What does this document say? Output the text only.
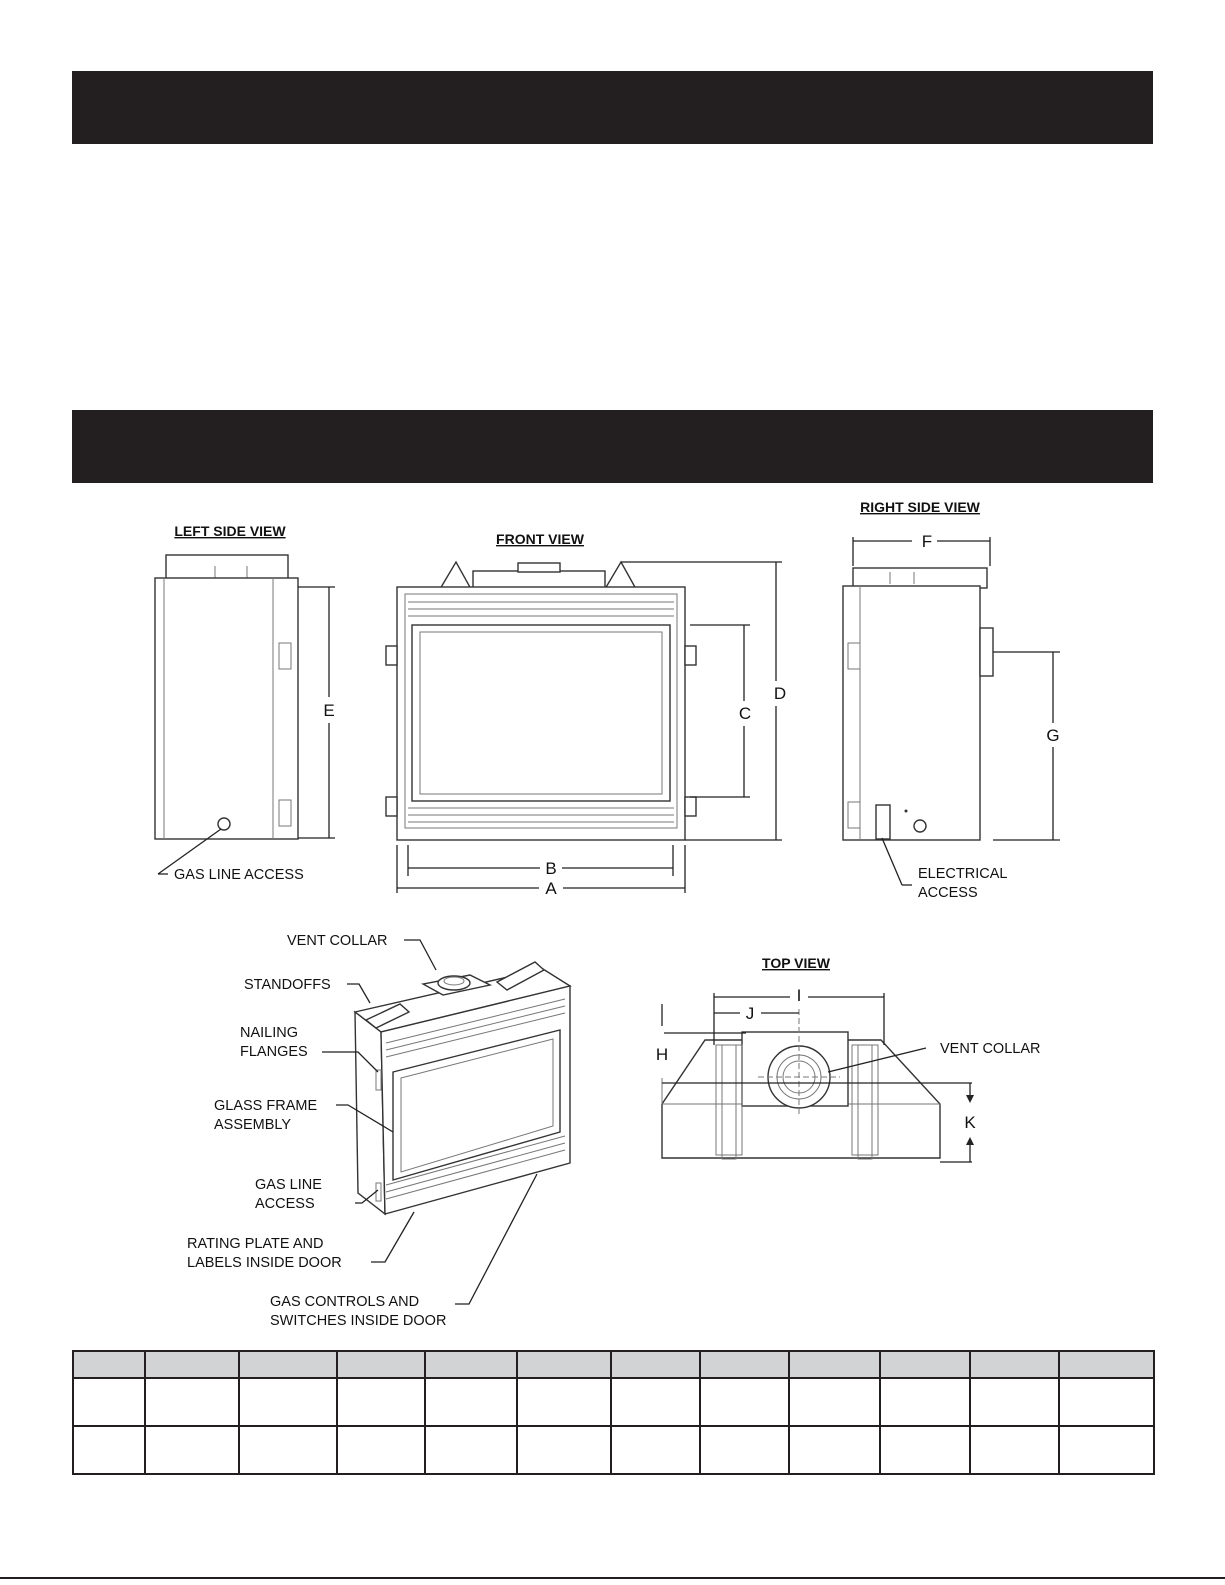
LEFT SIDE VIEW
E
GAS LINE ACCESS
FRONT VIEW
D
C
B
A
RIGHT SIDE VIEW
F
G
ELECTRICAL
ACCESS
VENT COLLAR
STANDOFFS
NAILING
FLANGES
GLASS FRAME
ASSEMBLY
GAS LINE
ACCESS
RATING PLATE AND
LABELS INSIDE DOOR
GAS CONTROLS AND
SWITCHES INSIDE DOOR
TOP VIEW
I
J
H
K
VENT COLLAR
